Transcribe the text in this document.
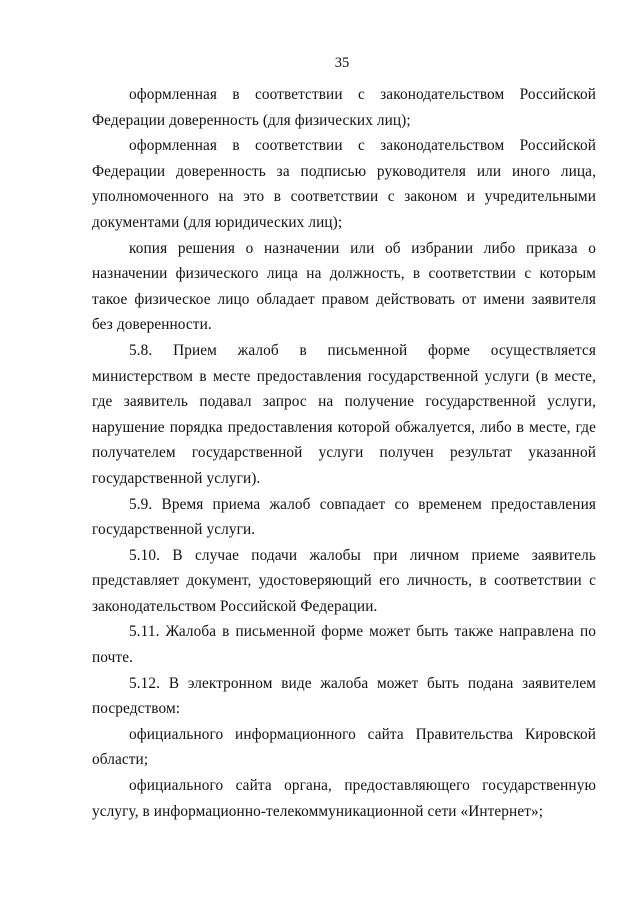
35

оформленная в соответствии с законодательством Российской Федерации доверенность (для физических лиц);

оформленная в соответствии с законодательством Российской Федерации доверенность за подписью руководителя или иного лица, уполномоченного на это в соответствии с законом и учредительными документами (для юридических лиц);

копия решения о назначении или об избрании либо приказа о назначении физического лица на должность, в соответствии с которым такое физическое лицо обладает правом действовать от имени заявителя без доверенности.

5.8. Прием жалоб в письменной форме осуществляется министерством в месте предоставления государственной услуги (в месте, где заявитель подавал запрос на получение государственной услуги, нарушение порядка предоставления которой обжалуется, либо в месте, где получателем государственной услуги получен результат указанной государственной услуги).

5.9. Время приема жалоб совпадает со временем предоставления государственной услуги.

5.10. В случае подачи жалобы при личном приеме заявитель представляет документ, удостоверяющий его личность, в соответствии с законодательством Российской Федерации.

5.11. Жалоба в письменной форме может быть также направлена по почте.

5.12. В электронном виде жалоба может быть подана заявителем посредством:

официального информационного сайта Правительства Кировской области;

официального сайта органа, предоставляющего государственную услугу, в информационно-телекоммуникационной сети «Интернет»;
